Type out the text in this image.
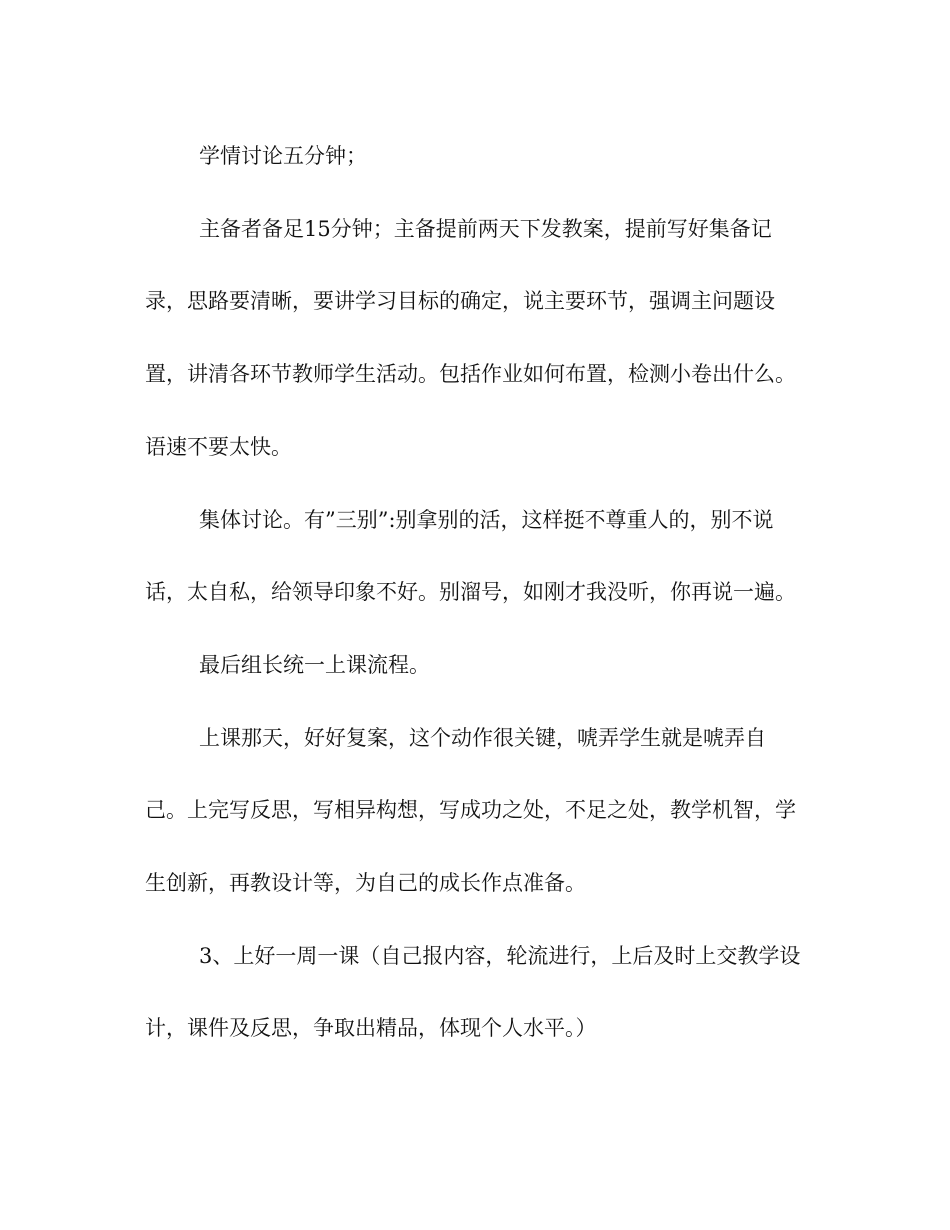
学情讨论五分钟；

主备者备足15分钟；主备提前两天下发教案，提前写好集备记录，思路要清晰，要讲学习目标的确定，说主要环节，强调主问题设置，讲清各环节教师学生活动。包括作业如何布置，检测小卷出什么。语速不要太快。

集体讨论。有”三别”:别拿别的活，这样挺不尊重人的，别不说话，太自私，给领导印象不好。别溜号，如刚才我没听，你再说一遍。

最后组长统一上课流程。

上课那天，好好复案，这个动作很关键，唬弄学生就是唬弄自己。上完写反思，写相异构想，写成功之处，不足之处，教学机智，学生创新，再教设计等，为自己的成长作点准备。

3、上好一周一课（自己报内容，轮流进行，上后及时上交教学设计，课件及反思，争取出精品，体现个人水平。）
